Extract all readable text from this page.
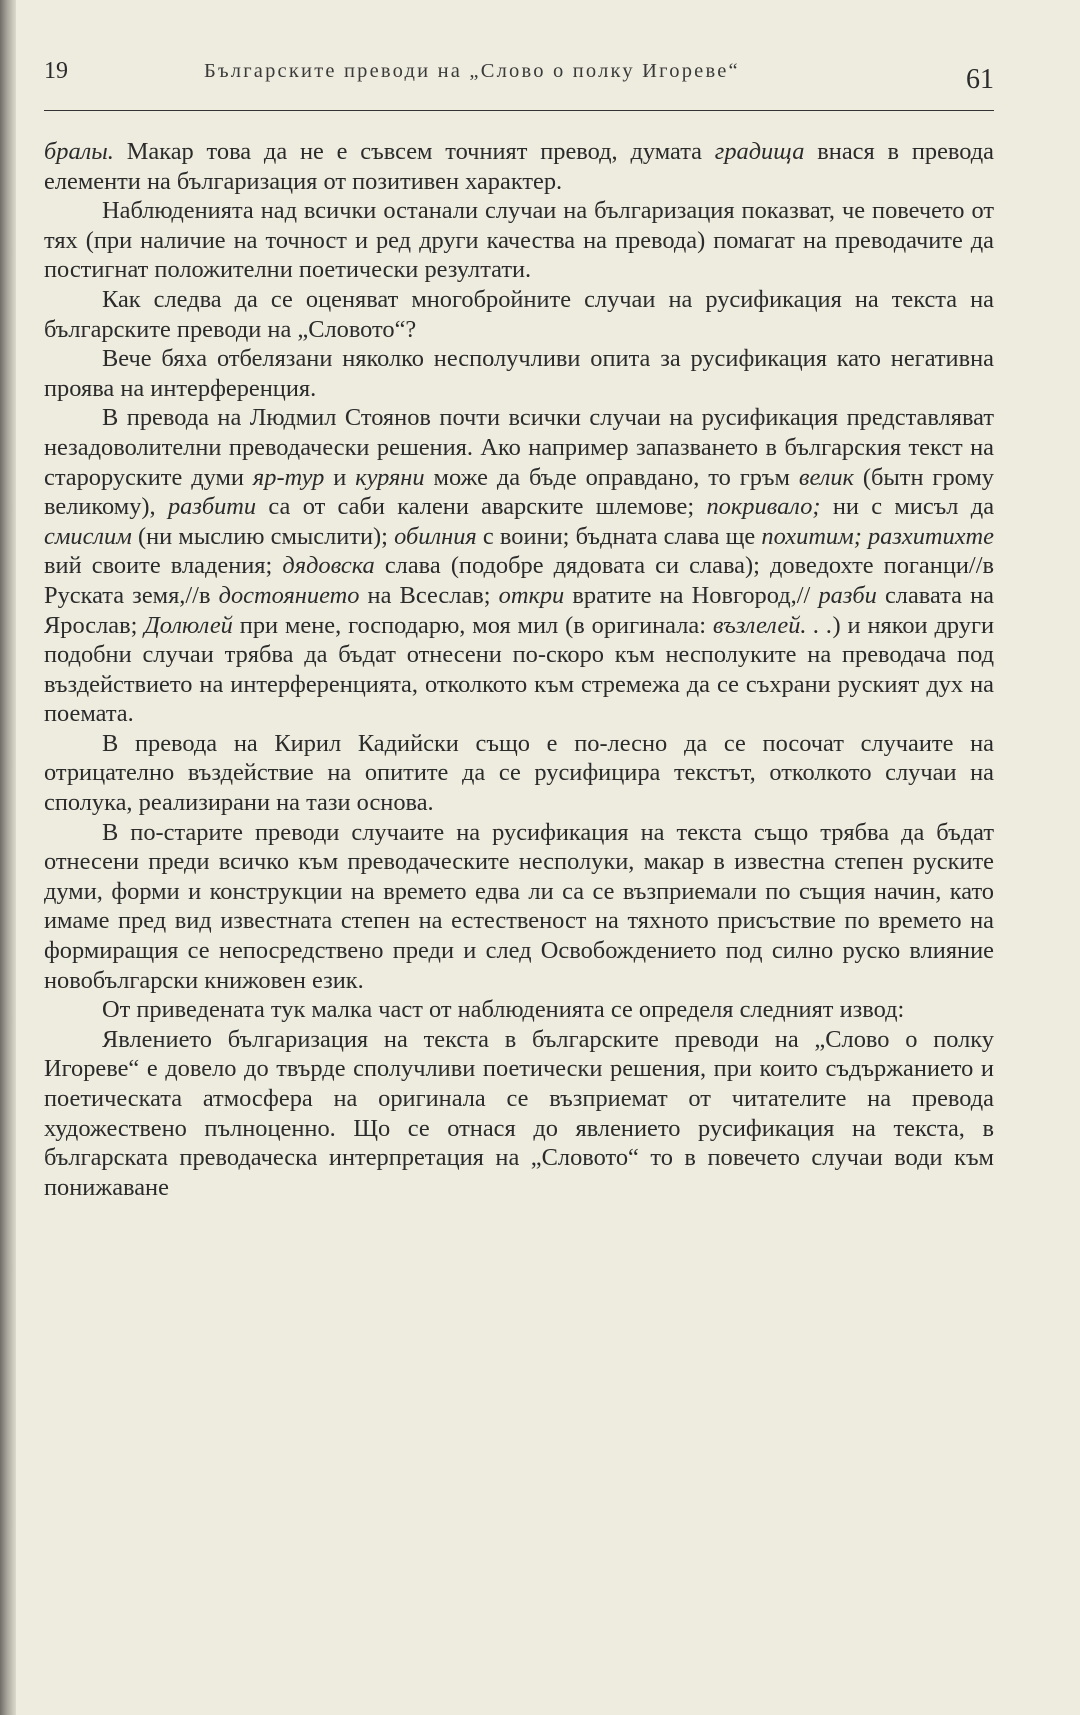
19	Българските преводи на „Слово о полку Игореве“	61

бралы. Макар това да не е съвсем точният превод, думата градища внася в превода елементи на българизация от позитивен характер.

Наблюденията над всички останали случаи на българизация показват, че повечето от тях (при наличие на точност и ред други качества на превода) помагат на преводачите да постигнат положителни поетически резултати.

Как следва да се оценяват многобройните случаи на русификация на текста на българските преводи на „Словото“?

Вече бяха отбелязани няколко несполучливи опита за русификация като негативна проява на интерференция.

В превода на Людмил Стоянов почти всички случаи на русификация представляват незадоволителни преводачески решения. Ако например запазването в българския текст на староруските думи яр-тур и куряни може да бъде оправдано, то гръм велик (бытн грому великому), разбити са от саби калени аварските шлемове; покривало; ни с мисъл да смислим (ни мыслию смыслити); обилния с воини; бъдната слава ще похитим; разхитихте вий своите владения; дядовска слава (подобре дядовата си слава); доведохте поганци//в Руската земя,//в достоянието на Всеслав; откри вратите на Новгород,// разби славата на Ярослав; Долюлей при мене, господарю, моя мил (в оригинала: възлелей. . .) и някои други подобни случаи трябва да бъдат отнесени по-скоро към несполуките на преводача под въздействието на интерференцията, отколкото към стремежа да се съхрани руският дух на поемата.

В превода на Кирил Кадийски също е по-лесно да се посочат случаите на отрицателно въздействие на опитите да се русифицира текстът, отколкото случаи на сполука, реализирани на тази основа.

В по-старите преводи случаите на русификация на текста също трябва да бъдат отнесени преди всичко към преводаческите несполуки, макар в известна степен руските думи, форми и конструкции на времето едва ли са се възприемали по същия начин, като имаме пред вид известната степен на естественост на тяхното присъствие по времето на формиращия се непосредствено преди и след Освобождението под силно руско влияние новобългарски книжовен език.

От приведената тук малка част от наблюденията се определя следният извод:

Явлението българизация на текста в българските преводи на „Слово о полку Игореве“ е довело до твърде сполучливи поетически решения, при които съдържанието и поетическата атмосфера на оригинала се възприемат от читателите на превода художествено пълноценно. Що се отнася до явлението русификация на текста, в българската преводаческа интерпретация на „Словото“ то в повечето случаи води към понижаване
